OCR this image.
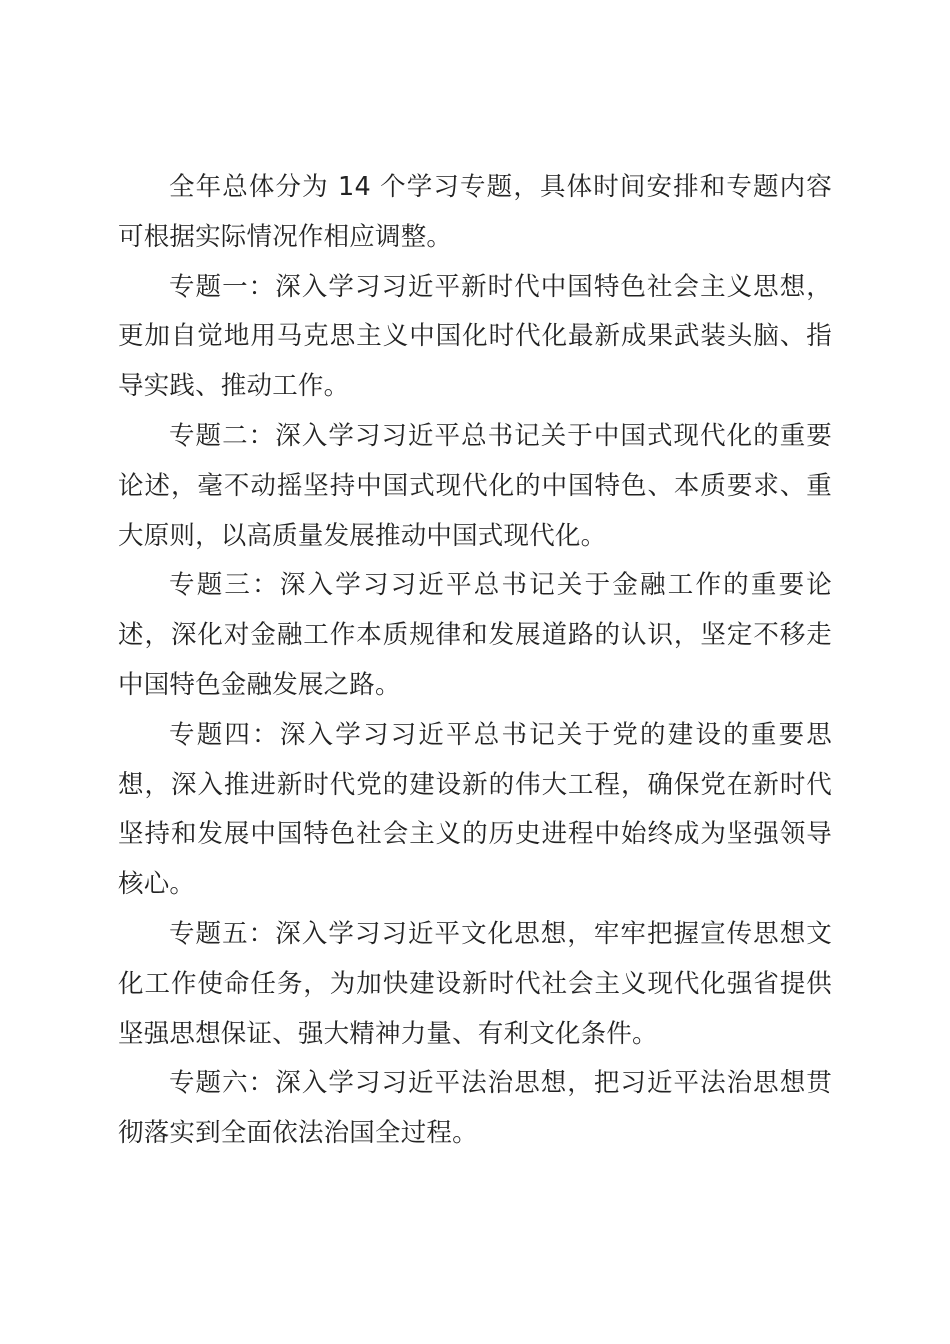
全年总体分为 14 个学习专题，具体时间安排和专题内容可根据实际情况作相应调整。

专题一：深入学习习近平新时代中国特色社会主义思想，更加自觉地用马克思主义中国化时代化最新成果武装头脑、指导实践、推动工作。

专题二：深入学习习近平总书记关于中国式现代化的重要论述，毫不动摇坚持中国式现代化的中国特色、本质要求、重大原则，以高质量发展推动中国式现代化。

专题三：深入学习习近平总书记关于金融工作的重要论述，深化对金融工作本质规律和发展道路的认识，坚定不移走中国特色金融发展之路。

专题四：深入学习习近平总书记关于党的建设的重要思想，深入推进新时代党的建设新的伟大工程，确保党在新时代坚持和发展中国特色社会主义的历史进程中始终成为坚强领导核心。

专题五：深入学习习近平文化思想，牢牢把握宣传思想文化工作使命任务，为加快建设新时代社会主义现代化强省提供坚强思想保证、强大精神力量、有利文化条件。

专题六：深入学习习近平法治思想，把习近平法治思想贯彻落实到全面依法治国全过程。
